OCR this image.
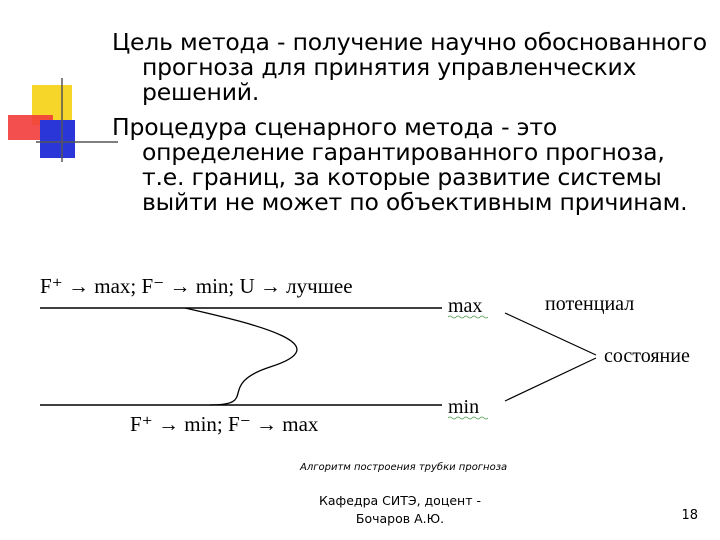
Цель метода - получение научно обоснованного прогноза для принятия управленческих решений.

Процедура сценарного метода - это определение гарантированного прогноза, т.е. границ, за которые развитие системы выйти не может по объективным причинам.

F⁺ → max; F⁻ → min; U → лучшее
max	потенциал
min
F⁺ → min; F⁻ → max
состояние
Алгоритм построения трубки прогноза
Кафедра СИТЭ, доцент -
Бочаров А.Ю.	18
